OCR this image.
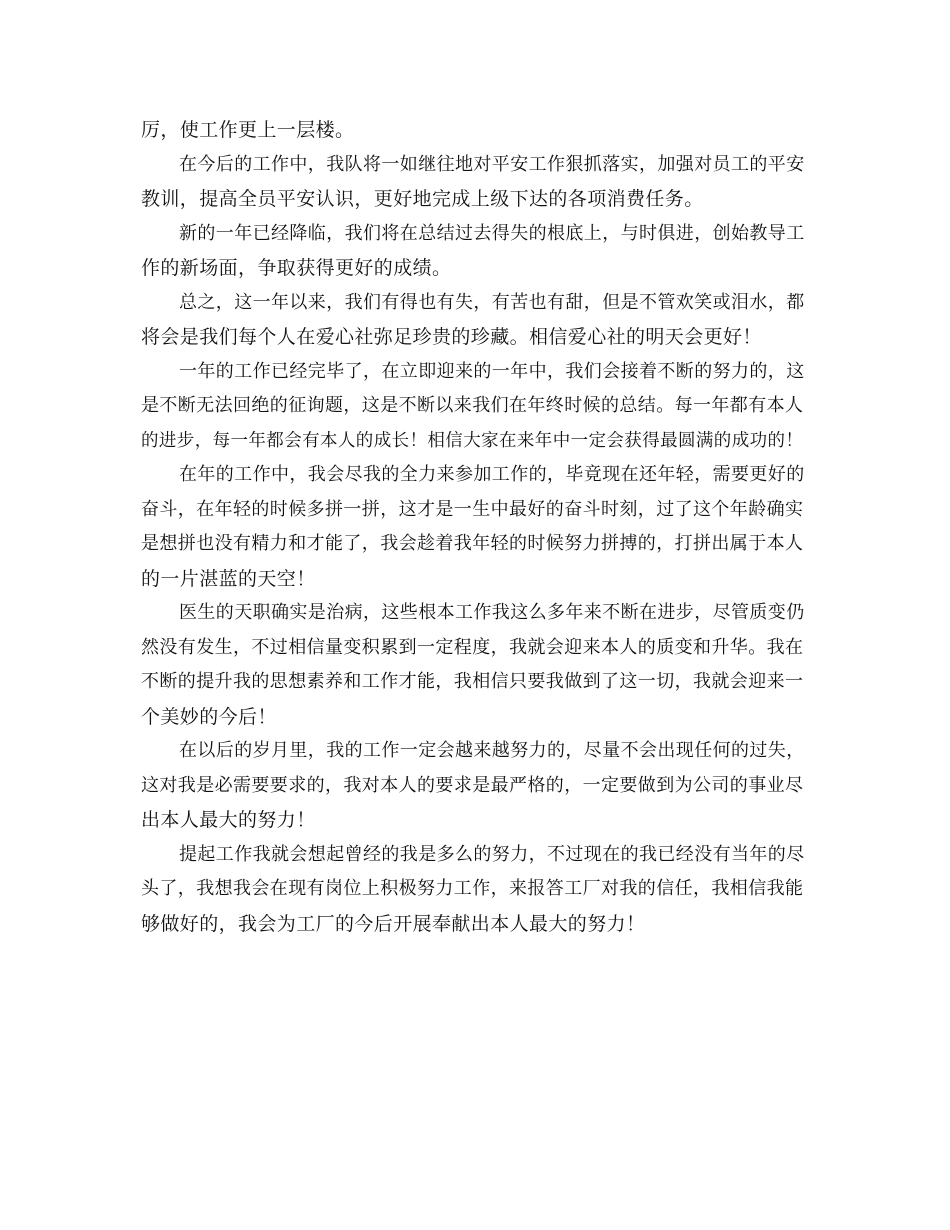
厉，使工作更上一层楼。
在今后的工作中，我队将一如继往地对平安工作狠抓落实，加强对员工的平安
教训，提高全员平安认识，更好地完成上级下达的各项消费任务。
新的一年已经降临，我们将在总结过去得失的根底上，与时俱进，创始教导工
作的新场面，争取获得更好的成绩。
总之，这一年以来，我们有得也有失，有苦也有甜，但是不管欢笑或泪水，都
将会是我们每个人在爱心社弥足珍贵的珍藏。相信爱心社的明天会更好！
一年的工作已经完毕了，在立即迎来的一年中，我们会接着不断的努力的，这
是不断无法回绝的征询题，这是不断以来我们在年终时候的总结。每一年都有本人
的进步，每一年都会有本人的成长！相信大家在来年中一定会获得最圆满的成功的！
在年的工作中，我会尽我的全力来参加工作的，毕竟现在还年轻，需要更好的
奋斗，在年轻的时候多拼一拼，这才是一生中最好的奋斗时刻，过了这个年龄确实
是想拼也没有精力和才能了，我会趁着我年轻的时候努力拼搏的，打拼出属于本人
的一片湛蓝的天空！
医生的天职确实是治病，这些根本工作我这么多年来不断在进步，尽管质变仍
然没有发生，不过相信量变积累到一定程度，我就会迎来本人的质变和升华。我在
不断的提升我的思想素养和工作才能，我相信只要我做到了这一切，我就会迎来一
个美妙的今后！
在以后的岁月里，我的工作一定会越来越努力的，尽量不会出现任何的过失，
这对我是必需要要求的，我对本人的要求是最严格的，一定要做到为公司的事业尽
出本人最大的努力！
提起工作我就会想起曾经的我是多么的努力，不过现在的我已经没有当年的尽
头了，我想我会在现有岗位上积极努力工作，来报答工厂对我的信任，我相信我能
够做好的，我会为工厂的今后开展奉献出本人最大的努力！
